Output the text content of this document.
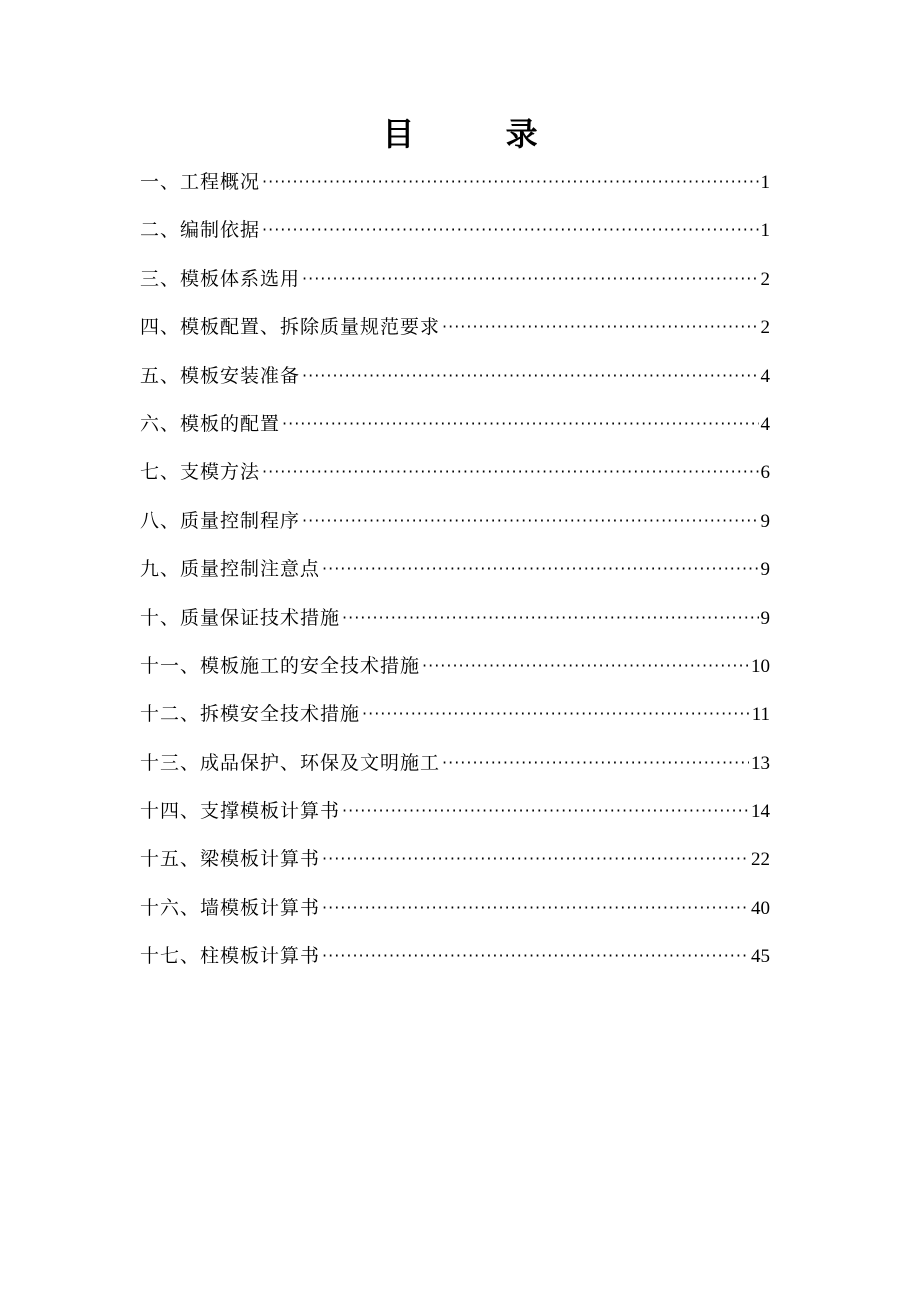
目 录
一、工程概况 ·····	1
二、编制依据 ·····	1
三、模板体系选用 ·····	2
四、模板配置、拆除质量规范要求 ·····	2
五、模板安装准备 ·····	4
六、模板的配置 ·····	4
七、支模方法 ·····	6
八、质量控制程序 ·····	9
九、质量控制注意点 ·····	9
十、质量保证技术措施 ·····	9
十一、模板施工的安全技术措施 ·····	10
十二、拆模安全技术措施 ·····	11
十三、成品保护、环保及文明施工 ·····	13
十四、支撑模板计算书 ·····	14
十五、梁模板计算书 ·····	22
十六、墙模板计算书 ·····	40
十七、柱模板计算书 ·····	45
